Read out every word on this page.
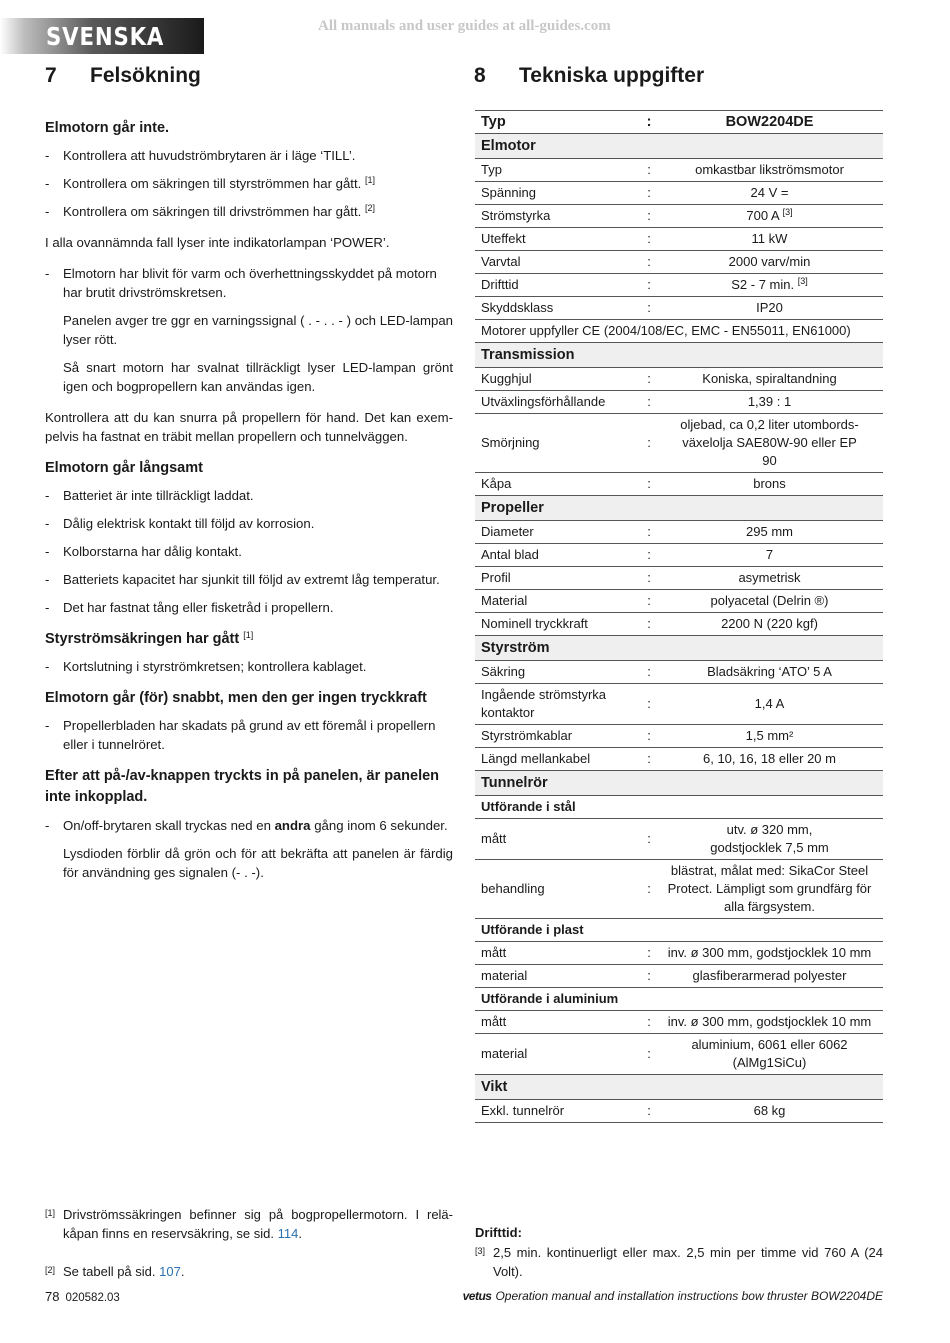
SVENSKA	All manuals and user guides at all-guides.com
7 Felsökning	8 Tekniska uppgifter
Elmotorn går inte.
- Kontrollera att huvudströmbrytaren är i läge ‘TILL’.
- Kontrollera om säkringen till styrströmmen har gått. [1]
- Kontrollera om säkringen till drivströmmen har gått. [2]

I alla ovannämnda fall lyser inte indikatorlampan ‘POWER’.

- Elmotorn har blivit för varm och överhettningsskyddet på motorn har brutit drivströmskretsen.

Panelen avger tre ggr en varningssignal ( . - . . - ) och LED-lampan lyser rött.

Så snart motorn har svalnat tillräckligt lyser LED-lampan grönt igen och bogpropellern kan användas igen.

Kontrollera att du kan snurra på propellern för hand. Det kan exem-pelvis ha fastnat en träbit mellan propellern och tunnelväggen.

Elmotorn går långsamt
- Batteriet är inte tillräckligt laddat.
- Dålig elektrisk kontakt till följd av korrosion.
- Kolborstarna har dålig kontakt.
- Batteriets kapacitet har sjunkit till följd av extremt låg temperatur.
- Det har fastnat tång eller fisketråd i propellern.
Styrströmsäkringen har gått [1]
- Kortslutning i styrströmkretsen; kontrollera kablaget.
Elmotorn går (för) snabbt, men den ger ingen tryckkraft
- Propellerbladen har skadats på grund av ett föremål i propellern eller i tunnelröret.
Efter att på-/av-knappen tryckts in på panelen, är panelen inte inkopplad.
- On/off-brytaren skall tryckas ned en andra gång inom 6 sekunder.

Lysdioden förblir då grön och för att bekräfta att panelen är färdig för användning ges signalen (- . -).

Typ	:	BOW2204DE
Elmotor		
Typ	:	omkastbar likströmsmotor
Spänning	:	24 V =
Strömstyrka	:	700 A [3]
Uteffekt	:	11 kW
Varvtal	:	2000 varv/min
Drifttid	:	S2 - 7 min. [3]
Skyddsklass	:	IP20
Motorer uppfyller CE (2004/108/EC, EMC - EN55011, EN61000)		
Transmission		
Kugghjul	:	Koniska, spiraltandning
Utväxlingsförhållande	:	1,39 : 1
Smörjning	:	oljebad, ca 0,2 liter utombords-växelolja SAE80W-90 eller EP 90
Kåpa	:	brons
Propeller		
Diameter	:	295 mm
Antal blad	:	7
Profil	:	asymetrisk
Material	:	polyacetal (Delrin ®)
Nominell tryckkraft	:	2200 N (220 kgf)
Styrström		
Säkring	:	Bladsäkring ‘ATO’ 5 A
Ingående strömstyrka kontaktor	:	1,4 A
Styrströmkablar	:	1,5 mm²
Längd mellankabel	:	6, 10, 16, 18 eller 20 m
Tunnelrör		
Utförande i stål		
mått	:	utv. ø 320 mm, godstjocklek 7,5 mm
behandling	:	blästrat, målat med: SikaCor Steel Protect. Lämpligt som grundfärg för alla färgsystem.
Utförande i plast		
mått	:	inv. ø 300 mm, godstjocklek 10 mm
material	:	glasfiberarmerad polyester
Utförande i aluminium		
mått	:	inv. ø 300 mm, godstjocklek 10 mm
material	:	aluminium, 6061 eller 6062 (AlMg1SiCu)
Vikt		
Exkl. tunnelrör	:	68 kg
[1] Drivströmssäkringen befinner sig på bogpropellermotorn. I relä-kåpan finns en reservsäkring, se sid. 114.
[2] Se tabell på sid. 107.
Drifttid:
[3] 2,5 min. kontinuerligt eller max. 2,5 min per timme vid 760 A (24 Volt).
78 020582.03	vetus Operation manual and installation instructions bow thruster BOW2204DE
